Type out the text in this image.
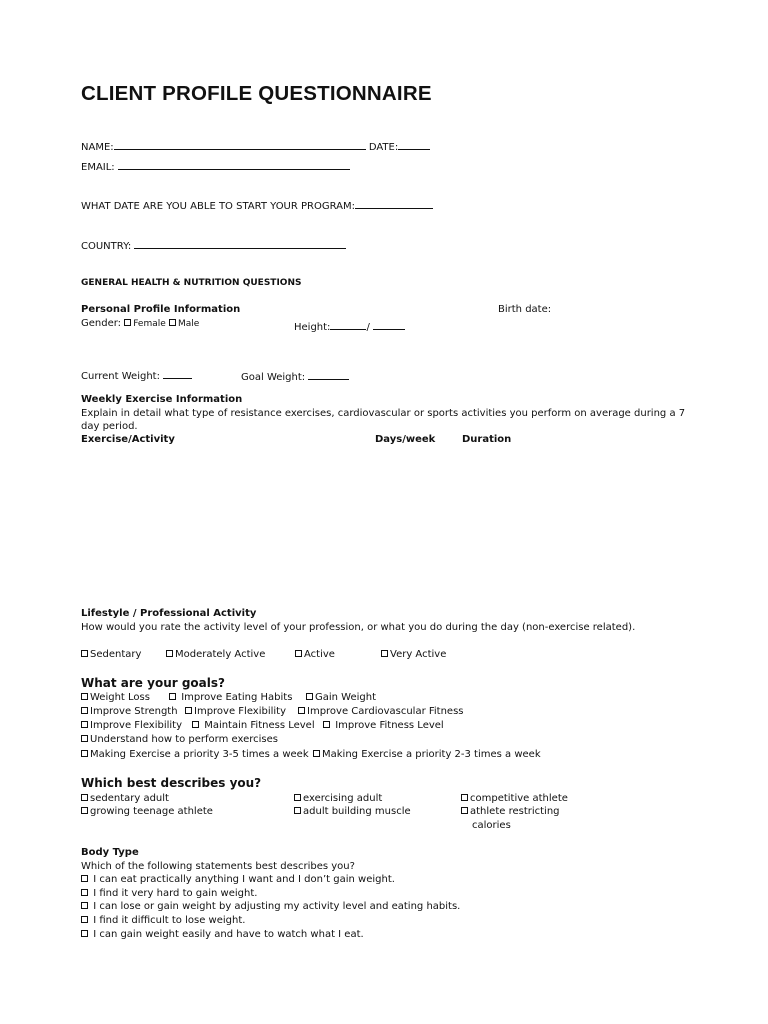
CLIENT PROFILE QUESTIONNAIRE
NAME:	DATE:
EMAIL:
WHAT DATE ARE YOU ABLE TO START YOUR PROGRAM:
COUNTRY:
GENERAL HEALTH & NUTRITION QUESTIONS
Personal Profile Information	Birth date:
Gender: Female Male	Height:	/
Current Weight:	Goal Weight:
Weekly Exercise Information
Explain in detail what type of resistance exercises, cardiovascular or sports activities you perform on average during a 7
day period.
Exercise/Activity	Days/week	Duration
Lifestyle / Professional Activity
How would you rate the activity level of your profession, or what you do during the day (non-exercise related).
Sedentary	Moderately Active	Active	Very Active
What are your goals?
Weight Loss	Improve Eating Habits Gain Weight
Improve Strength Improve Flexibility Improve Cardiovascular Fitness
Improve Flexibility Maintain Fitness Level Improve Fitness Level
Understand how to perform exercises
Making Exercise a priority 3-5 times a week Making Exercise a priority 2-3 times a week
Which best describes you?
sedentary adult	exercising adult	competitive athlete
growing teenage athlete	adult building muscle	athlete restricting
calories
Body Type
Which of the following statements best describes you?
I can eat practically anything I want and I don’t gain weight.
I find it very hard to gain weight.
I can lose or gain weight by adjusting my activity level and eating habits.
I find it difficult to lose weight.
I can gain weight easily and have to watch what I eat.
